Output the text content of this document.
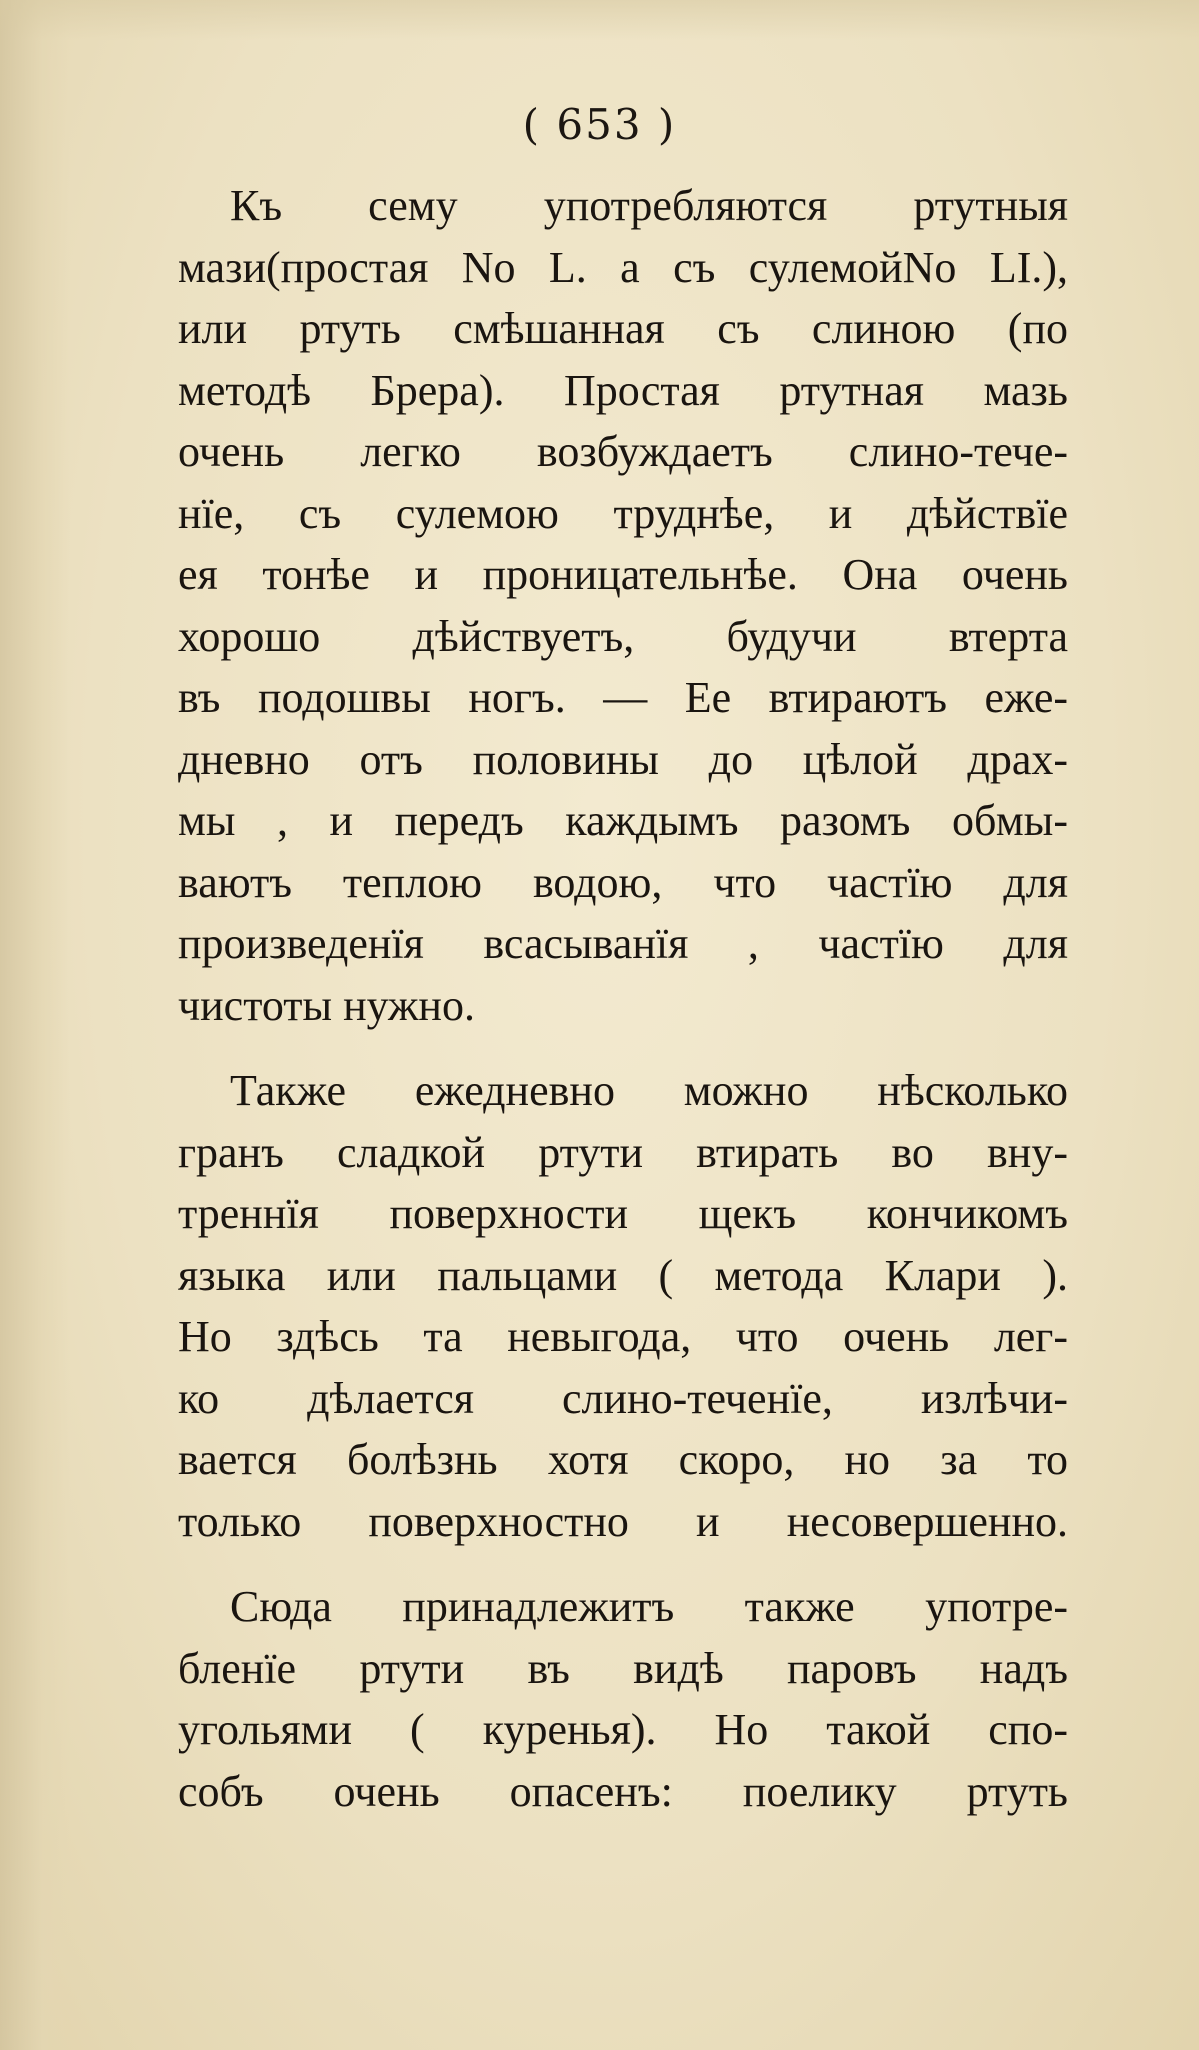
( 653 )

Къ сему употребляются ртутныя
мази(простая No L. а съ сулемойNo LI.),
или ртуть смѣшанная съ слиною (по
методѣ Брера). Простая ртутная мазь
очень легко возбуждаетъ слино-тече-
нїе, съ сулемою труднѣе, и дѣйствїе
ея тонѣе и проницательнѣе. Она очень
хорошо дѣйствуетъ, будучи втерта
въ подошвы ногъ. — Ее втираютъ еже-
дневно отъ половины до цѣлой драх-
мы , и передъ каждымъ разомъ обмы-
ваютъ теплою водою, что частїю для
произведенїя всасыванїя , частїю для
чистоты нужно.

Также ежедневно можно нѣсколько
гранъ сладкой ртути втирать во вну-
треннїя поверхности щекъ кончикомъ
языка или пальцами ( метода Клари ).
Но здѣсь та невыгода, что очень лег-
ко дѣлается слино-теченїе, излѣчи-
вается болѣзнь хотя скоро, но за то
только поверхностно и несовершенно.

Сюда принадлежитъ также употре-
бленїе ртути въ видѣ паровъ надъ
угольями ( куренья). Но такой спо-
собъ очень опасенъ: поелику ртуть
